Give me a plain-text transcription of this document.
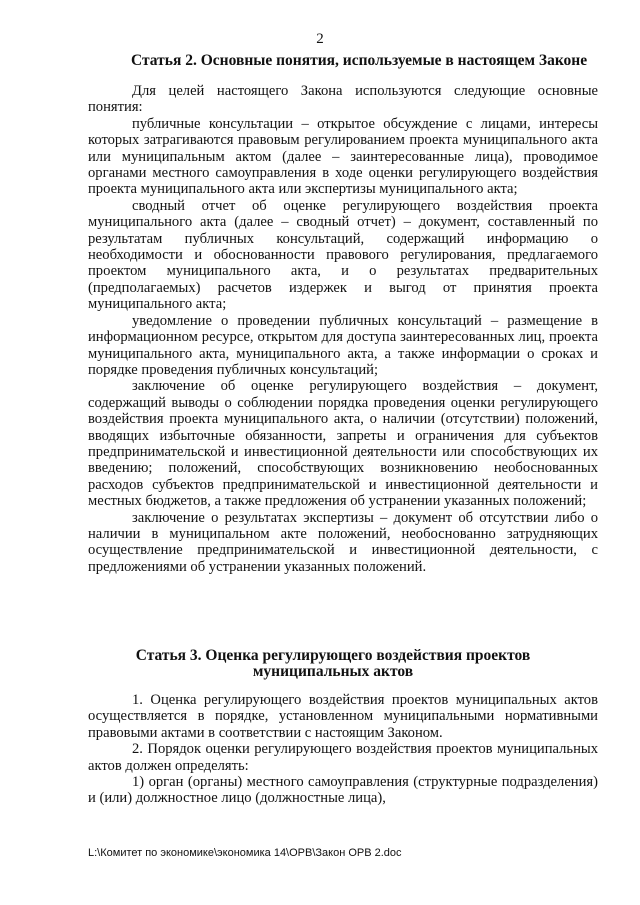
2
Статья 2. Основные понятия, используемые в настоящем Законе

Для целей настоящего Закона используются следующие основные понятия:

публичные консультации – открытое обсуждение с лицами, интересы которых затрагиваются правовым регулированием проекта муниципального акта или муниципальным актом (далее – заинтересованные лица), проводимое органами местного самоуправления в ходе оценки регулирующего воздействия проекта муниципального акта или экспертизы муниципального акта;

сводный отчет об оценке регулирующего воздействия проекта муниципального акта (далее – сводный отчет) – документ, составленный по результатам публичных консультаций, содержащий информацию о необходимости и обоснованности правового регулирования, предлагаемого проектом муниципального акта, и о результатах предварительных (предполагаемых) расчетов издержек и выгод от принятия проекта муниципального акта;

уведомление о проведении публичных консультаций – размещение в информационном ресурсе, открытом для доступа заинтересованных лиц, проекта муниципального акта, муниципального акта, а также информации о сроках и порядке проведения публичных консультаций;

заключение об оценке регулирующего воздействия – документ, содержащий выводы о соблюдении порядка проведения оценки регулирующего воздействия проекта муниципального акта, о наличии (отсутствии) положений, вводящих избыточные обязанности, запреты и ограничения для субъектов предпринимательской и инвестиционной деятельности или способствующих их введению; положений, способствующих возникновению необоснованных расходов субъектов предпринимательской и инвестиционной деятельности и местных бюджетов, а также предложения об устранении указанных положений;

заключение о результатах экспертизы – документ об отсутствии либо о наличии в муниципальном акте положений, необоснованно затрудняющих осуществление предпринимательской и инвестиционной деятельности, с предложениями об устранении указанных положений.

Статья 3. Оценка регулирующего воздействия проектов муниципальных актов

1. Оценка регулирующего воздействия проектов муниципальных актов осуществляется в порядке, установленном муниципальными нормативными правовыми актами в соответствии с настоящим Законом.

2. Порядок оценки регулирующего воздействия проектов муниципальных актов должен определять:

1) орган (органы) местного самоуправления (структурные подразделения) и (или) должностное лицо (должностные лица),

L:\Комитет по экономике\экономика 14\ОРВ\Закон ОРВ 2.doc
